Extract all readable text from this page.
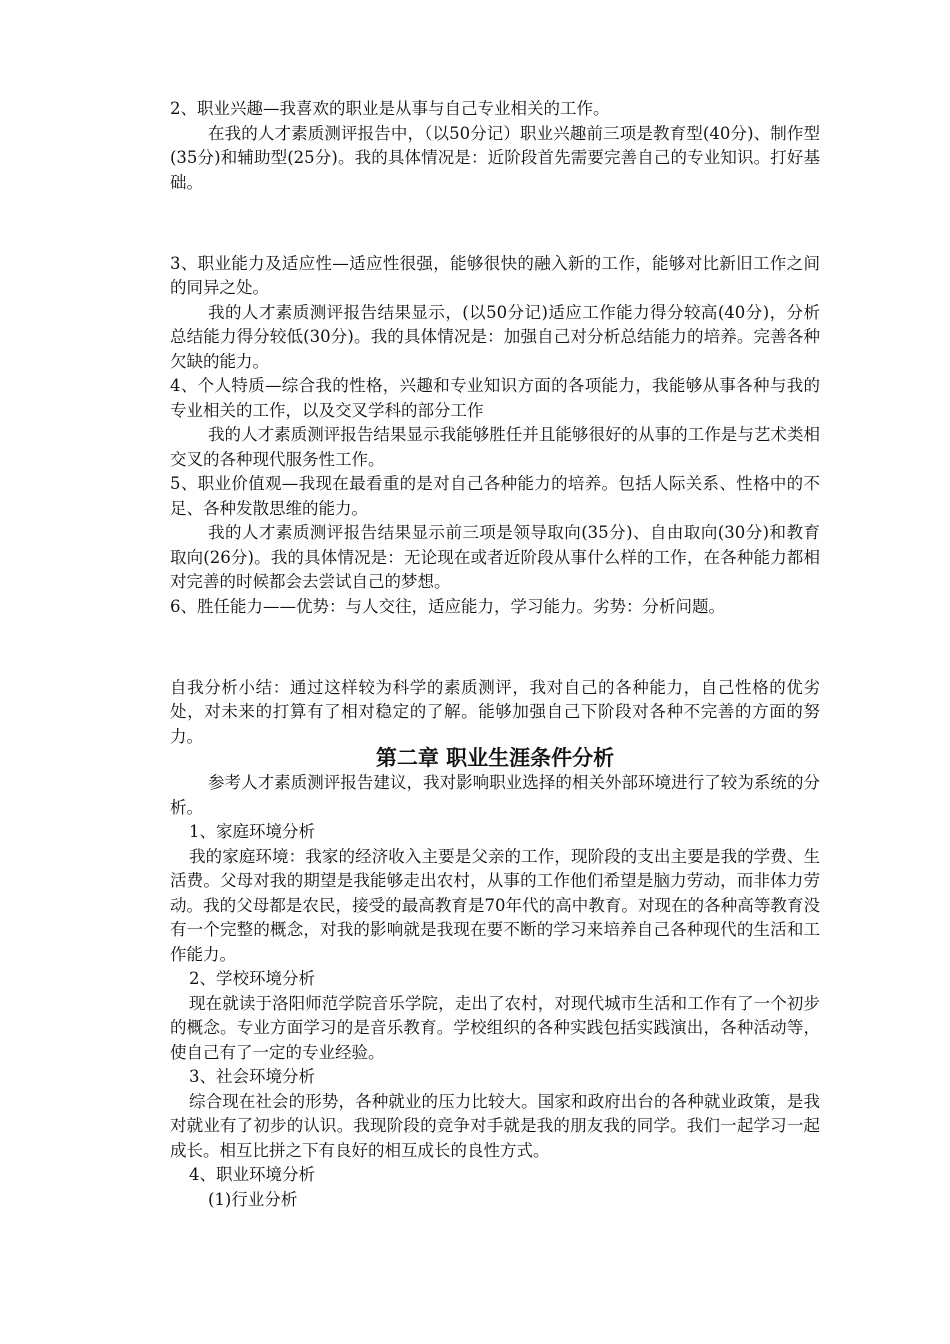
2、职业兴趣—我喜欢的职业是从事与自己专业相关的工作。

在我的人才素质测评报告中，（以50分记）职业兴趣前三项是教育型(40分)、制作型(35分)和辅助型(25分)。我的具体情况是：近阶段首先需要完善自己的专业知识。打好基础。

3、职业能力及适应性—适应性很强，能够很快的融入新的工作，能够对比新旧工作之间的同异之处。

我的人才素质测评报告结果显示，(以50分记)适应工作能力得分较高(40分)，分析总结能力得分较低(30分)。我的具体情况是：加强自己对分析总结能力的培养。完善各种欠缺的能力。

4、个人特质—综合我的性格，兴趣和专业知识方面的各项能力，我能够从事各种与我的专业相关的工作，以及交叉学科的部分工作

我的人才素质测评报告结果显示我能够胜任并且能够很好的从事的工作是与艺术类相交叉的各种现代服务性工作。

5、职业价值观—我现在最看重的是对自己各种能力的培养。包括人际关系、性格中的不足、各种发散思维的能力。

我的人才素质测评报告结果显示前三项是领导取向(35分)、自由取向(30分)和教育取向(26分)。我的具体情况是：无论现在或者近阶段从事什么样的工作，在各种能力都相对完善的时候都会去尝试自己的梦想。

6、胜任能力——优势：与人交往，适应能力，学习能力。劣势：分析问题。

自我分析小结：通过这样较为科学的素质测评，我对自己的各种能力，自己性格的优劣处，对未来的打算有了相对稳定的了解。能够加强自己下阶段对各种不完善的方面的努力。

第二章 职业生涯条件分析

参考人才素质测评报告建议，我对影响职业选择的相关外部环境进行了较为系统的分析。

1、家庭环境分析

我的家庭环境：我家的经济收入主要是父亲的工作，现阶段的支出主要是我的学费、生活费。父母对我的期望是我能够走出农村，从事的工作他们希望是脑力劳动，而非体力劳动。我的父母都是农民，接受的最高教育是70年代的高中教育。对现在的各种高等教育没有一个完整的概念，对我的影响就是我现在要不断的学习来培养自己各种现代的生活和工作能力。

2、学校环境分析

现在就读于洛阳师范学院音乐学院，走出了农村，对现代城市生活和工作有了一个初步的概念。专业方面学习的是音乐教育。学校组织的各种实践包括实践演出，各种活动等，使自己有了一定的专业经验。

3、社会环境分析

综合现在社会的形势，各种就业的压力比较大。国家和政府出台的各种就业政策，是我对就业有了初步的认识。我现阶段的竞争对手就是我的朋友我的同学。我们一起学习一起成长。相互比拼之下有良好的相互成长的良性方式。

4、职业环境分析

(1)行业分析
